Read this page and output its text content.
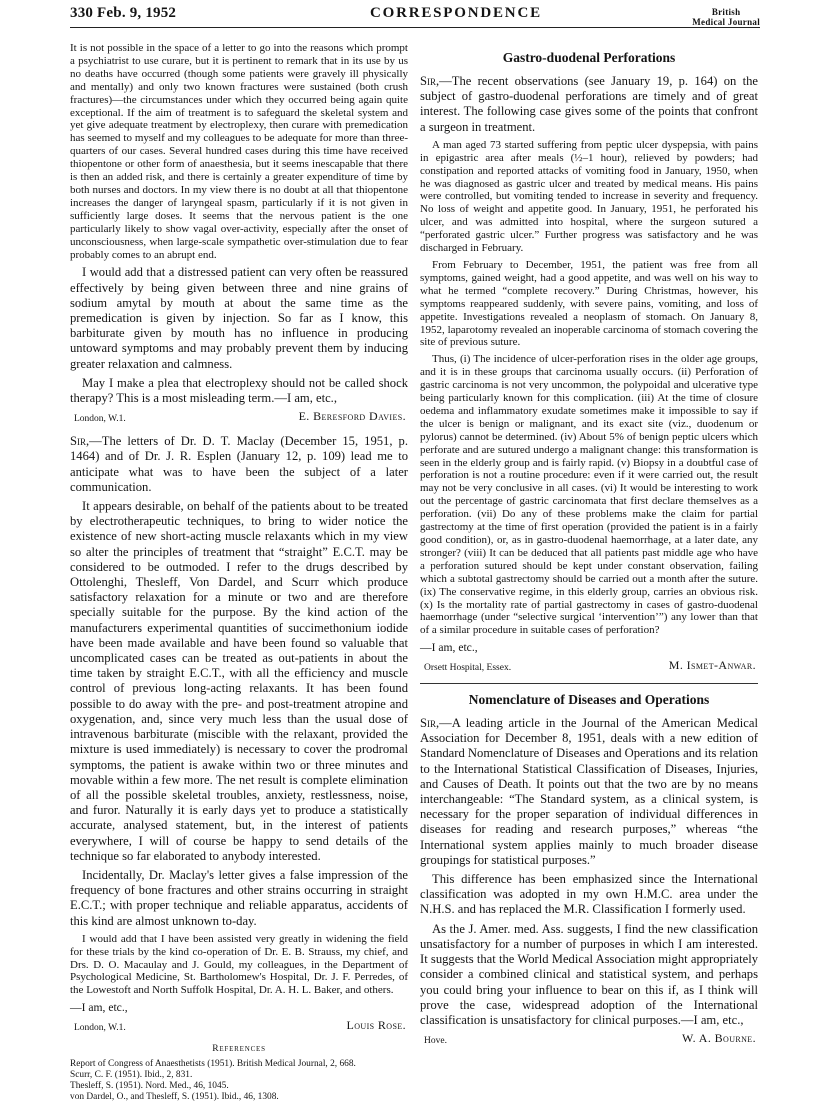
330 Feb. 9, 1952	CORRESPONDENCE	British
Medical Journal

It is not possible in the space of a letter to go into the reasons which prompt a psychiatrist to use curare, but it is pertinent to remark that in its use by us no deaths have occurred (though some patients were gravely ill physically and mentally) and only two known fractures were sustained (both crush fractures)—the circumstances under which they occurred being again quite exceptional. If the aim of treatment is to safeguard the skeletal system and yet give adequate treatment by electroplexy, then curare with premedication has seemed to myself and my colleagues to be adequate for more than three-quarters of our cases. Several hundred cases during this time have received thiopentone or other form of anaesthesia, but it seems inescapable that there is then an added risk, and there is certainly a greater expenditure of time by both nurses and doctors. In my view there is no doubt at all that thiopentone increases the danger of laryngeal spasm, particularly if it is not given in sufficiently large doses. It seems that the nervous patient is the one particularly likely to show vagal over-activity, especially after the onset of unconsciousness, when large-scale sympathetic over-stimulation due to fear probably comes to an abrupt end.

I would add that a distressed patient can very often be reassured effectively by being given between three and nine grains of sodium amytal by mouth at about the same time as the premedication is given by injection. So far as I know, this barbiturate given by mouth has no influence in producing untoward symptoms and may probably prevent them by inducing greater relaxation and calmness.

May I make a plea that electroplexy should not be called shock therapy? This is a most misleading term.—I am, etc.,

London, W.1.	E. Beresford Davies.

Sir,—The letters of Dr. D. T. Maclay (December 15, 1951, p. 1464) and of Dr. J. R. Esplen (January 12, p. 109) lead me to anticipate what was to have been the subject of a later communication.

It appears desirable, on behalf of the patients about to be treated by electrotherapeutic techniques, to bring to wider notice the existence of new short-acting muscle relaxants which in my view so alter the principles of treatment that “straight” E.C.T. may be considered to be outmoded. I refer to the drugs described by Ottolenghi, Thesleff, Von Dardel, and Scurr which produce satisfactory relaxation for a minute or two and are therefore specially suitable for the purpose. By the kind action of the manufacturers experimental quantities of succimethonium iodide have been made available and have been found so valuable that uncomplicated cases can be treated as out-patients in about the time taken by straight E.C.T., with all the efficiency and muscle control of previous long-acting relaxants. It has been found possible to do away with the pre- and post-treatment atropine and oxygenation, and, since very much less than the usual dose of intravenous barbiturate (miscible with the relaxant, provided the mixture is used immediately) is necessary to cover the prodromal symptoms, the patient is awake within two or three minutes and movable within a few more. The net result is complete elimination of all the possible skeletal troubles, anxiety, restlessness, noise, and furor. Naturally it is early days yet to produce a statistically accurate, analysed statement, but, in the interest of patients everywhere, I will of course be happy to send details of the technique so far elaborated to anybody interested.

Incidentally, Dr. Maclay's letter gives a false impression of the frequency of bone fractures and other strains occurring in straight E.C.T.; with proper technique and reliable apparatus, accidents of this kind are almost unknown to-day.

I would add that I have been assisted very greatly in widening the field for these trials by the kind co-operation of Dr. E. B. Strauss, my chief, and Drs. D. O. Macaulay and J. Gould, my colleagues, in the Department of Psychological Medicine, St. Bartholomew's Hospital, Dr. J. F. Perredes, of the Lowestoft and North Suffolk Hospital, Dr. A. H. L. Baker, and others.

—I am, etc.,

London, W.1.	Louis Rose.
References

Report of Congress of Anaesthetists (1951). British Medical Journal, 2, 668.

Scurr, C. F. (1951). Ibid., 2, 831.

Thesleff, S. (1951). Nord. Med., 46, 1045.

von Dardel, O., and Thesleff, S. (1951). Ibid., 46, 1308.

Gastro-duodenal Perforations

Sir,—The recent observations (see January 19, p. 164) on the subject of gastro-duodenal perforations are timely and of great interest. The following case gives some of the points that confront a surgeon in treatment.

A man aged 73 started suffering from peptic ulcer dyspepsia, with pains in epigastric area after meals (½–1 hour), relieved by powders; had constipation and reported attacks of vomiting food in January, 1950, when he was diagnosed as gastric ulcer and treated by medical means. His pains were controlled, but vomiting tended to increase in severity and frequency. No loss of weight and appetite good. In January, 1951, he perforated his ulcer, and was admitted into hospital, where the surgeon sutured a “perforated gastric ulcer.” Further progress was satisfactory and he was discharged in February.

From February to December, 1951, the patient was free from all symptoms, gained weight, had a good appetite, and was well on his way to what he termed “complete recovery.” During Christmas, however, his symptoms reappeared suddenly, with severe pains, vomiting, and loss of appetite. Investigations revealed a neoplasm of stomach. On January 8, 1952, laparotomy revealed an inoperable carcinoma of stomach covering the site of previous suture.

Thus, (i) The incidence of ulcer-perforation rises in the older age groups, and it is in these groups that carcinoma usually occurs. (ii) Perforation of gastric carcinoma is not very uncommon, the polypoidal and ulcerative type being particularly known for this complication. (iii) At the time of closure oedema and inflammatory exudate sometimes make it impossible to say if the ulcer is benign or malignant, and its exact site (viz., duodenum or pylorus) cannot be determined. (iv) About 5% of benign peptic ulcers which perforate and are sutured undergo a malignant change: this transformation is seen in the elderly group and is fairly rapid. (v) Biopsy in a doubtful case of perforation is not a routine procedure: even if it were carried out, the result may not be very conclusive in all cases. (vi) It would be interesting to work out the percentage of gastric carcinomata that first declare themselves as a perforation. (vii) Do any of these problems make the claim for partial gastrectomy at the time of first operation (provided the patient is in a fairly good condition), or, as in gastro-duodenal haemorrhage, at a later date, any stronger? (viii) It can be deduced that all patients past middle age who have a perforation sutured should be kept under constant observation, failing which a subtotal gastrectomy should be carried out a month after the suture. (ix) The conservative regime, in this elderly group, carries an obvious risk. (x) Is the mortality rate of partial gastrectomy in cases of gastro-duodenal haemorrhage (under “selective surgical ‘intervention’”) any lower than that of a similar procedure in suitable cases of perforation?

—I am, etc.,

Orsett Hospital, Essex.	M. Ismet-Anwar.
Nomenclature of Diseases and Operations

Sir,—A leading article in the Journal of the American Medical Association for December 8, 1951, deals with a new edition of Standard Nomenclature of Diseases and Operations and its relation to the International Statistical Classification of Diseases, Injuries, and Causes of Death. It points out that the two are by no means interchangeable: “The Standard system, as a clinical system, is necessary for the proper separation of individual differences in diseases for reading and research purposes,” whereas “the International system applies mainly to much broader disease groupings for statistical purposes.”

This difference has been emphasized since the International classification was adopted in my own H.M.C. area under the N.H.S. and has replaced the M.R. Classification I formerly used.

As the J. Amer. med. Ass. suggests, I find the new classification unsatisfactory for a number of purposes in which I am interested. It suggests that the World Medical Association might appropriately consider a combined clinical and statistical system, and perhaps you could bring your influence to bear on this if, as I think will prove the case, widespread adoption of the International classification is unsatisfactory for clinical purposes.—I am, etc.,

Hove.	W. A. Bourne.
